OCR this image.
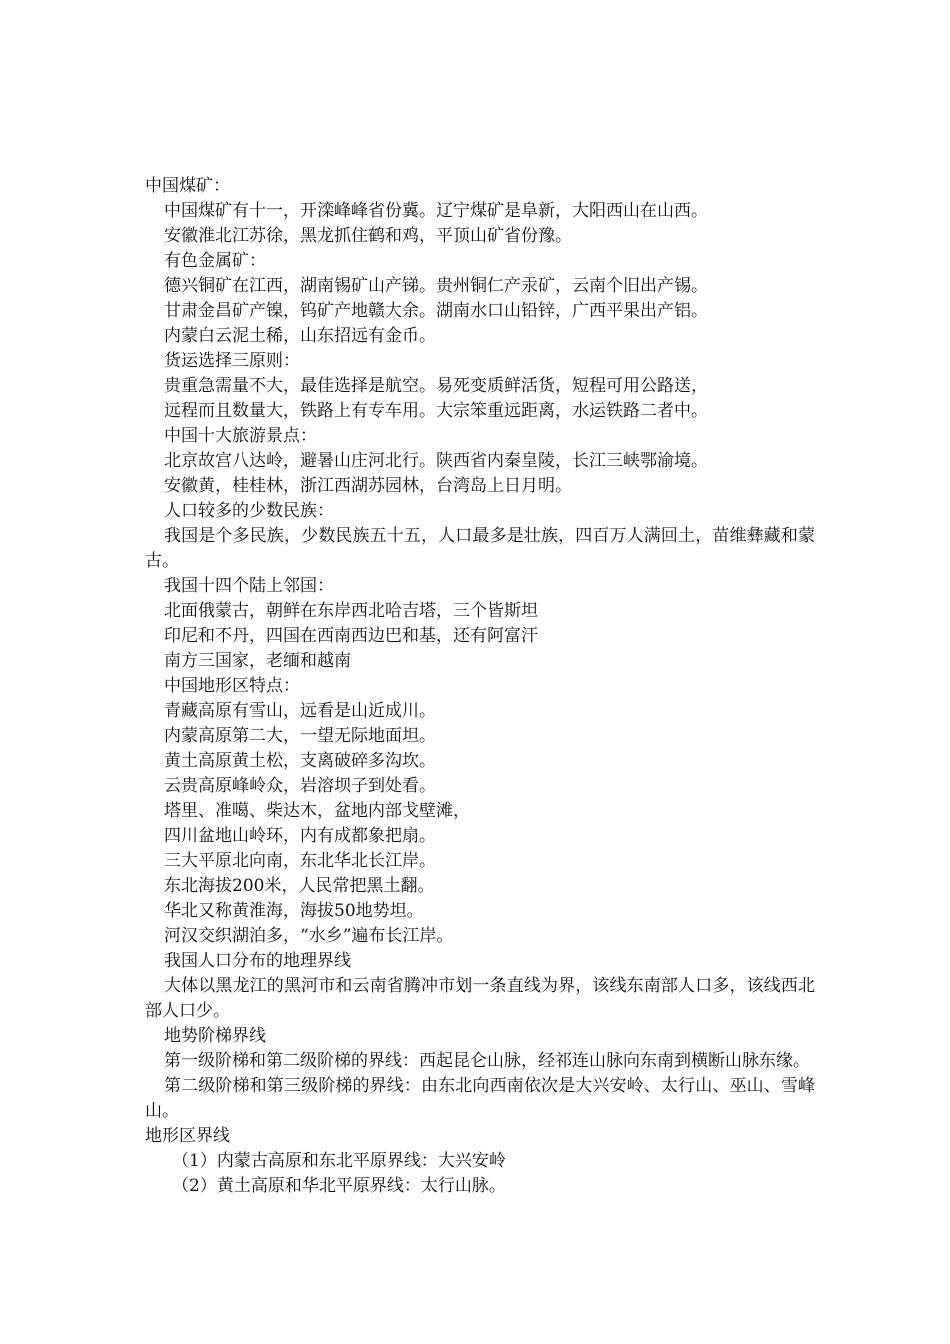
中国煤矿：
中国煤矿有十一，开滦峰峰省份冀。辽宁煤矿是阜新，大阳西山在山西。
安徽淮北江苏徐，黑龙抓住鹤和鸡，平顶山矿省份豫。
有色金属矿：
德兴铜矿在江西，湖南锡矿山产锑。贵州铜仁产汞矿，云南个旧出产锡。
甘肃金昌矿产镍，钨矿产地赣大余。湖南水口山铅锌，广西平果出产铝。
内蒙白云泥土稀，山东招远有金币。
货运选择三原则：
贵重急需量不大，最佳选择是航空。易死变质鲜活货，短程可用公路送，
远程而且数量大，铁路上有专车用。大宗笨重远距离，水运铁路二者中。
中国十大旅游景点：
北京故宫八达岭，避暑山庄河北行。陕西省内秦皇陵，长江三峡鄂渝境。
安徽黄，桂桂林，浙江西湖苏园林，台湾岛上日月明。
人口较多的少数民族：
我国是个多民族，少数民族五十五，人口最多是壮族，四百万人满回土，苗维彝藏和蒙古。
我国十四个陆上邻国：
北面俄蒙古，朝鲜在东岸西北哈吉塔，三个皆斯坦
印尼和不丹，四国在西南西边巴和基，还有阿富汗
南方三国家，老缅和越南
中国地形区特点：
青藏高原有雪山，远看是山近成川。
内蒙高原第二大，一望无际地面坦。
黄土高原黄土松，支离破碎多沟坎。
云贵高原峰岭众，岩溶坝子到处看。
塔里、准噶、柴达木，盆地内部戈壁滩，
四川盆地山岭环，内有成都象把扇。
三大平原北向南，东北华北长江岸。
东北海拔200米，人民常把黑土翻。
华北又称黄淮海，海拔50地势坦。
河汉交织湖泊多，“水乡”遍布长江岸。
我国人口分布的地理界线
大体以黑龙江的黑河市和云南省腾冲市划一条直线为界，该线东南部人口多，该线西北部人口少。
地势阶梯界线
第一级阶梯和第二级阶梯的界线：西起昆仑山脉，经祁连山脉向东南到横断山脉东缘。
第二级阶梯和第三级阶梯的界线：由东北向西南依次是大兴安岭、太行山、巫山、雪峰山。
地形区界线
（1）内蒙古高原和东北平原界线：大兴安岭
（2）黄土高原和华北平原界线：太行山脉。
